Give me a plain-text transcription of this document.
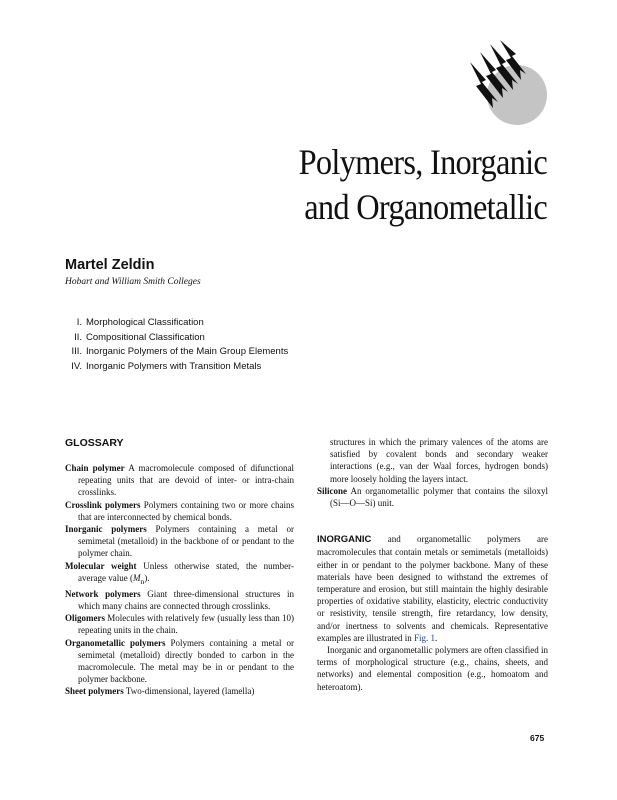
Polymers, Inorganic
and Organometallic
Martel Zeldin
Hobart and William Smith Colleges
I. Morphological Classification
II. Compositional Classification
III. Inorganic Polymers of the Main Group Elements
IV. Inorganic Polymers with Transition Metals
GLOSSARY

Chain polymer A macromolecule composed of difunctional repeating units that are devoid of inter- or intra-chain crosslinks.

Crosslink polymers Polymers containing two or more chains that are interconnected by chemical bonds.

Inorganic polymers Polymers containing a metal or semimetal (metalloid) in the backbone of or pendant to the polymer chain.

Molecular weight Unless otherwise stated, the number-average value $(M_n)$.

Network polymers Giant three-dimensional structures in which many chains are connected through crosslinks.

Oligomers Molecules with relatively few (usually less than 10) repeating units in the chain.

Organometallic polymers Polymers containing a metal or semimetal (metalloid) directly bonded to carbon in the macromolecule. The metal may be in or pendant to the polymer backbone.

Sheet polymers Two-dimensional, layered (lamella)

structures in which the primary valences of the atoms are satisfied by covalent bonds and secondary weaker interactions (e.g., van der Waal forces, hydrogen bonds) more loosely holding the layers intact.

Silicone An organometallic polymer that contains the siloxyl (Si—O—Si) unit.

INORGANIC and organometallic polymers are macromolecules that contain metals or semimetals (metalloids) either in or pendant to the polymer backbone. Many of these materials have been designed to withstand the extremes of temperature and erosion, but still maintain the highly desirable properties of oxidative stability, elasticity, electric conductivity or resistivity, tensile strength, fire retardancy, low density, and/or inertness to solvents and chemicals. Representative examples are illustrated in Fig. 1.

Inorganic and organometallic polymers are often classified in terms of morphological structure (e.g., chains, sheets, and networks) and elemental composition (e.g., homoatom and heteroatom).

675
